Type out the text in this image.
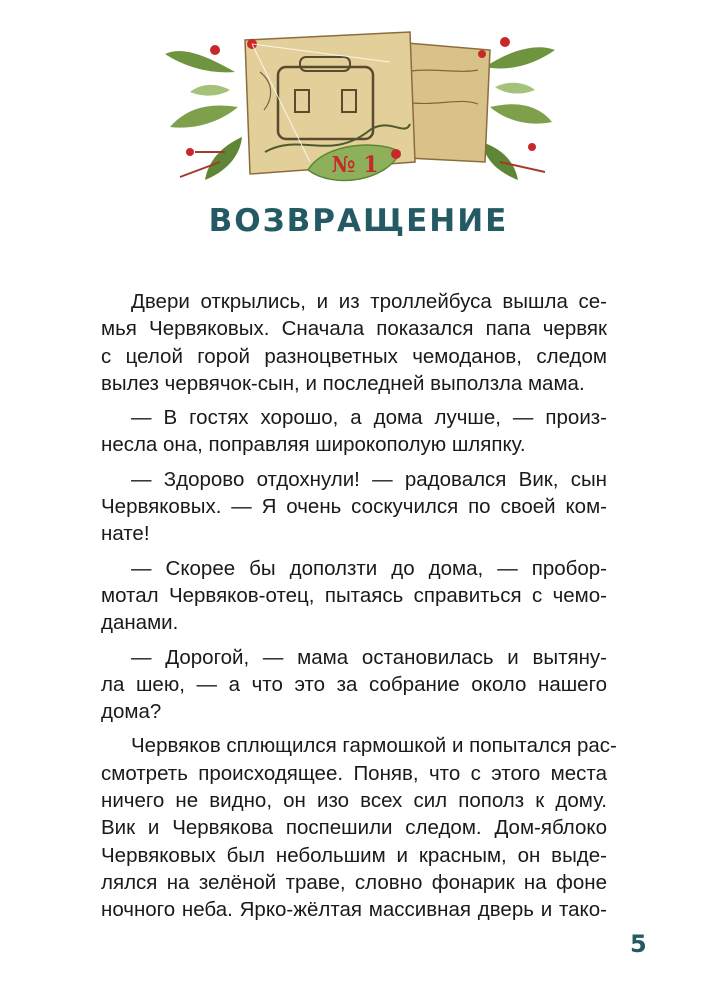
№ 1
ВОЗВРАЩЕНИЕ

Двери открылись, и из троллейбуса вышла се-
мья Червяковых. Сначала показался папа червяк
с целой горой разноцветных чемоданов, следом
вылез червячок-сын, и последней выползла мама.

— В гостях хорошо, а дома лучше, — произ-
несла она, поправляя широкополую шляпку.

— Здорово отдохнули! — радовался Вик, сын
Червяковых. — Я очень соскучился по своей ком-
нате!

— Скорее бы доползти до дома, — пробор-
мотал Червяков-отец, пытаясь справиться с чемо-
данами.

— Дорогой, — мама остановилась и вытяну-
ла шею, — а что это за собрание около нашего
дома?

Червяков сплющился гармошкой и попытался рас-
смотреть происходящее. Поняв, что с этого места
ничего не видно, он изо всех сил пополз к дому.
Вик и Червякова поспешили следом. Дом-яблоко
Червяковых был небольшим и красным, он выде-
лялся на зелёной траве, словно фонарик на фоне
ночного неба. Ярко-жёлтая массивная дверь и тако-

5
